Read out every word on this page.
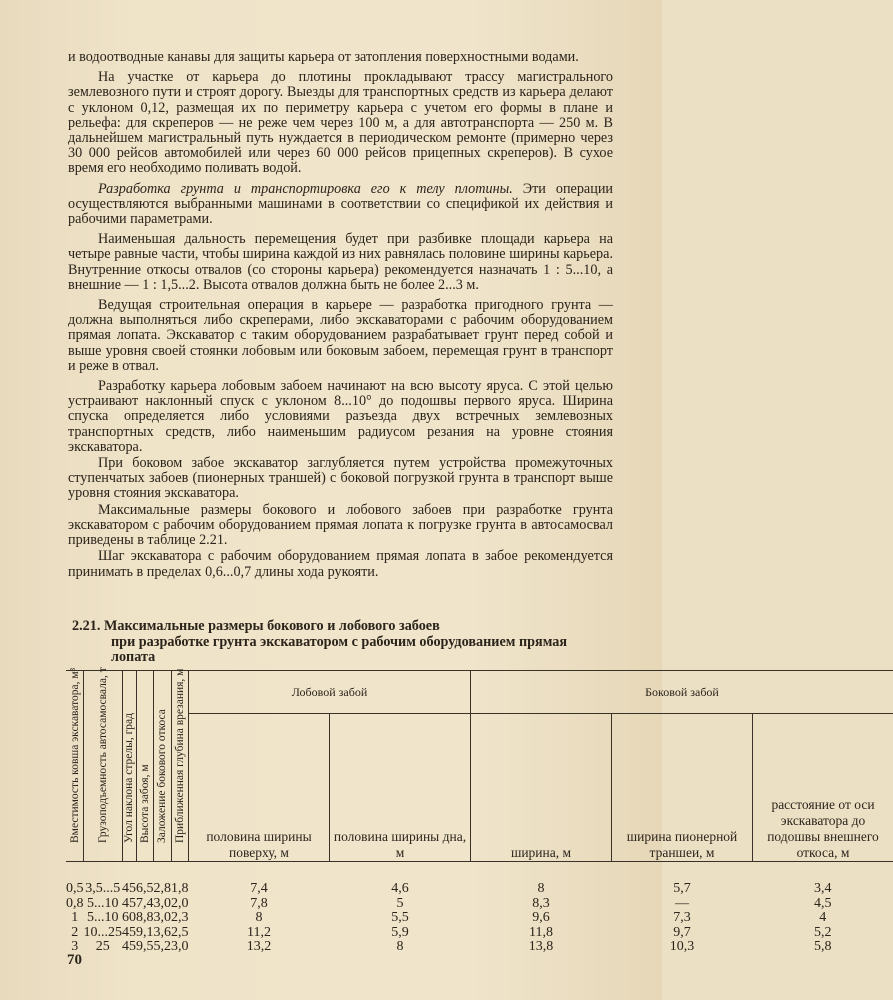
и водоотводные канавы для защиты карьера от затопления поверхностными водами.

На участке от карьера до плотины прокладывают трассу магистрального землевозного пути и строят дорогу. Выезды для транспортных средств из карьера делают с уклоном 0,12, размещая их по периметру карьера с учетом его формы в плане и рельефа: для скреперов — не реже чем через 100 м, а для автотранспорта — 250 м. В дальнейшем магистральный путь нуждается в периодическом ремонте (примерно через 30 000 рейсов автомобилей или через 60 000 рейсов прицепных скреперов). В сухое время его необходимо поливать водой.

Разработка грунта и транспортировка его к телу плотины. Эти операции осуществляются выбранными машинами в соответствии со спецификой их действия и рабочими параметрами.

Наименьшая дальность перемещения будет при разбивке площади карьера на четыре равные части, чтобы ширина каждой из них равнялась половине ширины карьера. Внутренние откосы отвалов (со стороны карьера) рекомендуется назначать 1 : 5...10, а внешние — 1 : 1,5...2. Высота отвалов должна быть не более 2...3 м.

Ведущая строительная операция в карьере — разработка пригодного грунта — должна выполняться либо скреперами, либо экскаваторами с рабочим оборудованием прямая лопата. Экскаватор с таким оборудованием разрабатывает грунт перед собой и выше уровня своей стоянки лобовым или боковым забоем, перемещая грунт в транспорт и реже в отвал.

Разработку карьера лобовым забоем начинают на всю высоту яруса. С этой целью устраивают наклонный спуск с уклоном 8...10° до подошвы первого яруса. Ширина спуска определяется либо условиями разъезда двух встречных землевозных транспортных средств, либо наименьшим радиусом резания на уровне стояния экскаватора.

При боковом забое экскаватор заглубляется путем устройства промежуточных ступенчатых забоев (пионерных траншей) с боковой погрузкой грунта в транспорт выше уровня стояния экскаватора.

Максимальные размеры бокового и лобового забоев при разработке грунта экскаватором с рабочим оборудованием прямая лопата к погрузке грунта в автосамосвал приведены в таблице 2.21.

Шаг экскаватора с рабочим оборудованием прямая лопата в забое рекомендуется принимать в пределах 0,6...0,7 длины хода рукояти.

2.21. Максимальные размеры бокового и лобового забоев
при разработке грунта экскаватором с рабочим оборудованием прямая лопата
Вместимость ковша экскаватора, м³	Грузоподъемность автосамосвала, т	Угол наклона стрелы, град	Высота забоя, м	Заложение бокового откоса	Приближенная глубина врезания, м	Лобовой забой		Боковой забой		

						половина ширины поверху, м	половина ширины дна, м	ширина, м	ширина пионерной траншеи, м	расстояние от оси экскаватора до подошвы внешнего откоса, м

0,5	3,5...5	45	6,5	2,8	1,8	7,4	4,6	8	5,7	3,4
0,8	5...10	45	7,4	3,0	2,0	7,8	5	8,3	—	4,5
1	5...10	60	8,8	3,0	2,3	8	5,5	9,6	7,3	4
2	10...25	45	9,1	3,6	2,5	11,2	5,9	11,8	9,7	5,2
3	25	45	9,5	5,2	3,0	13,2	8	13,8	10,3	5,8
70
